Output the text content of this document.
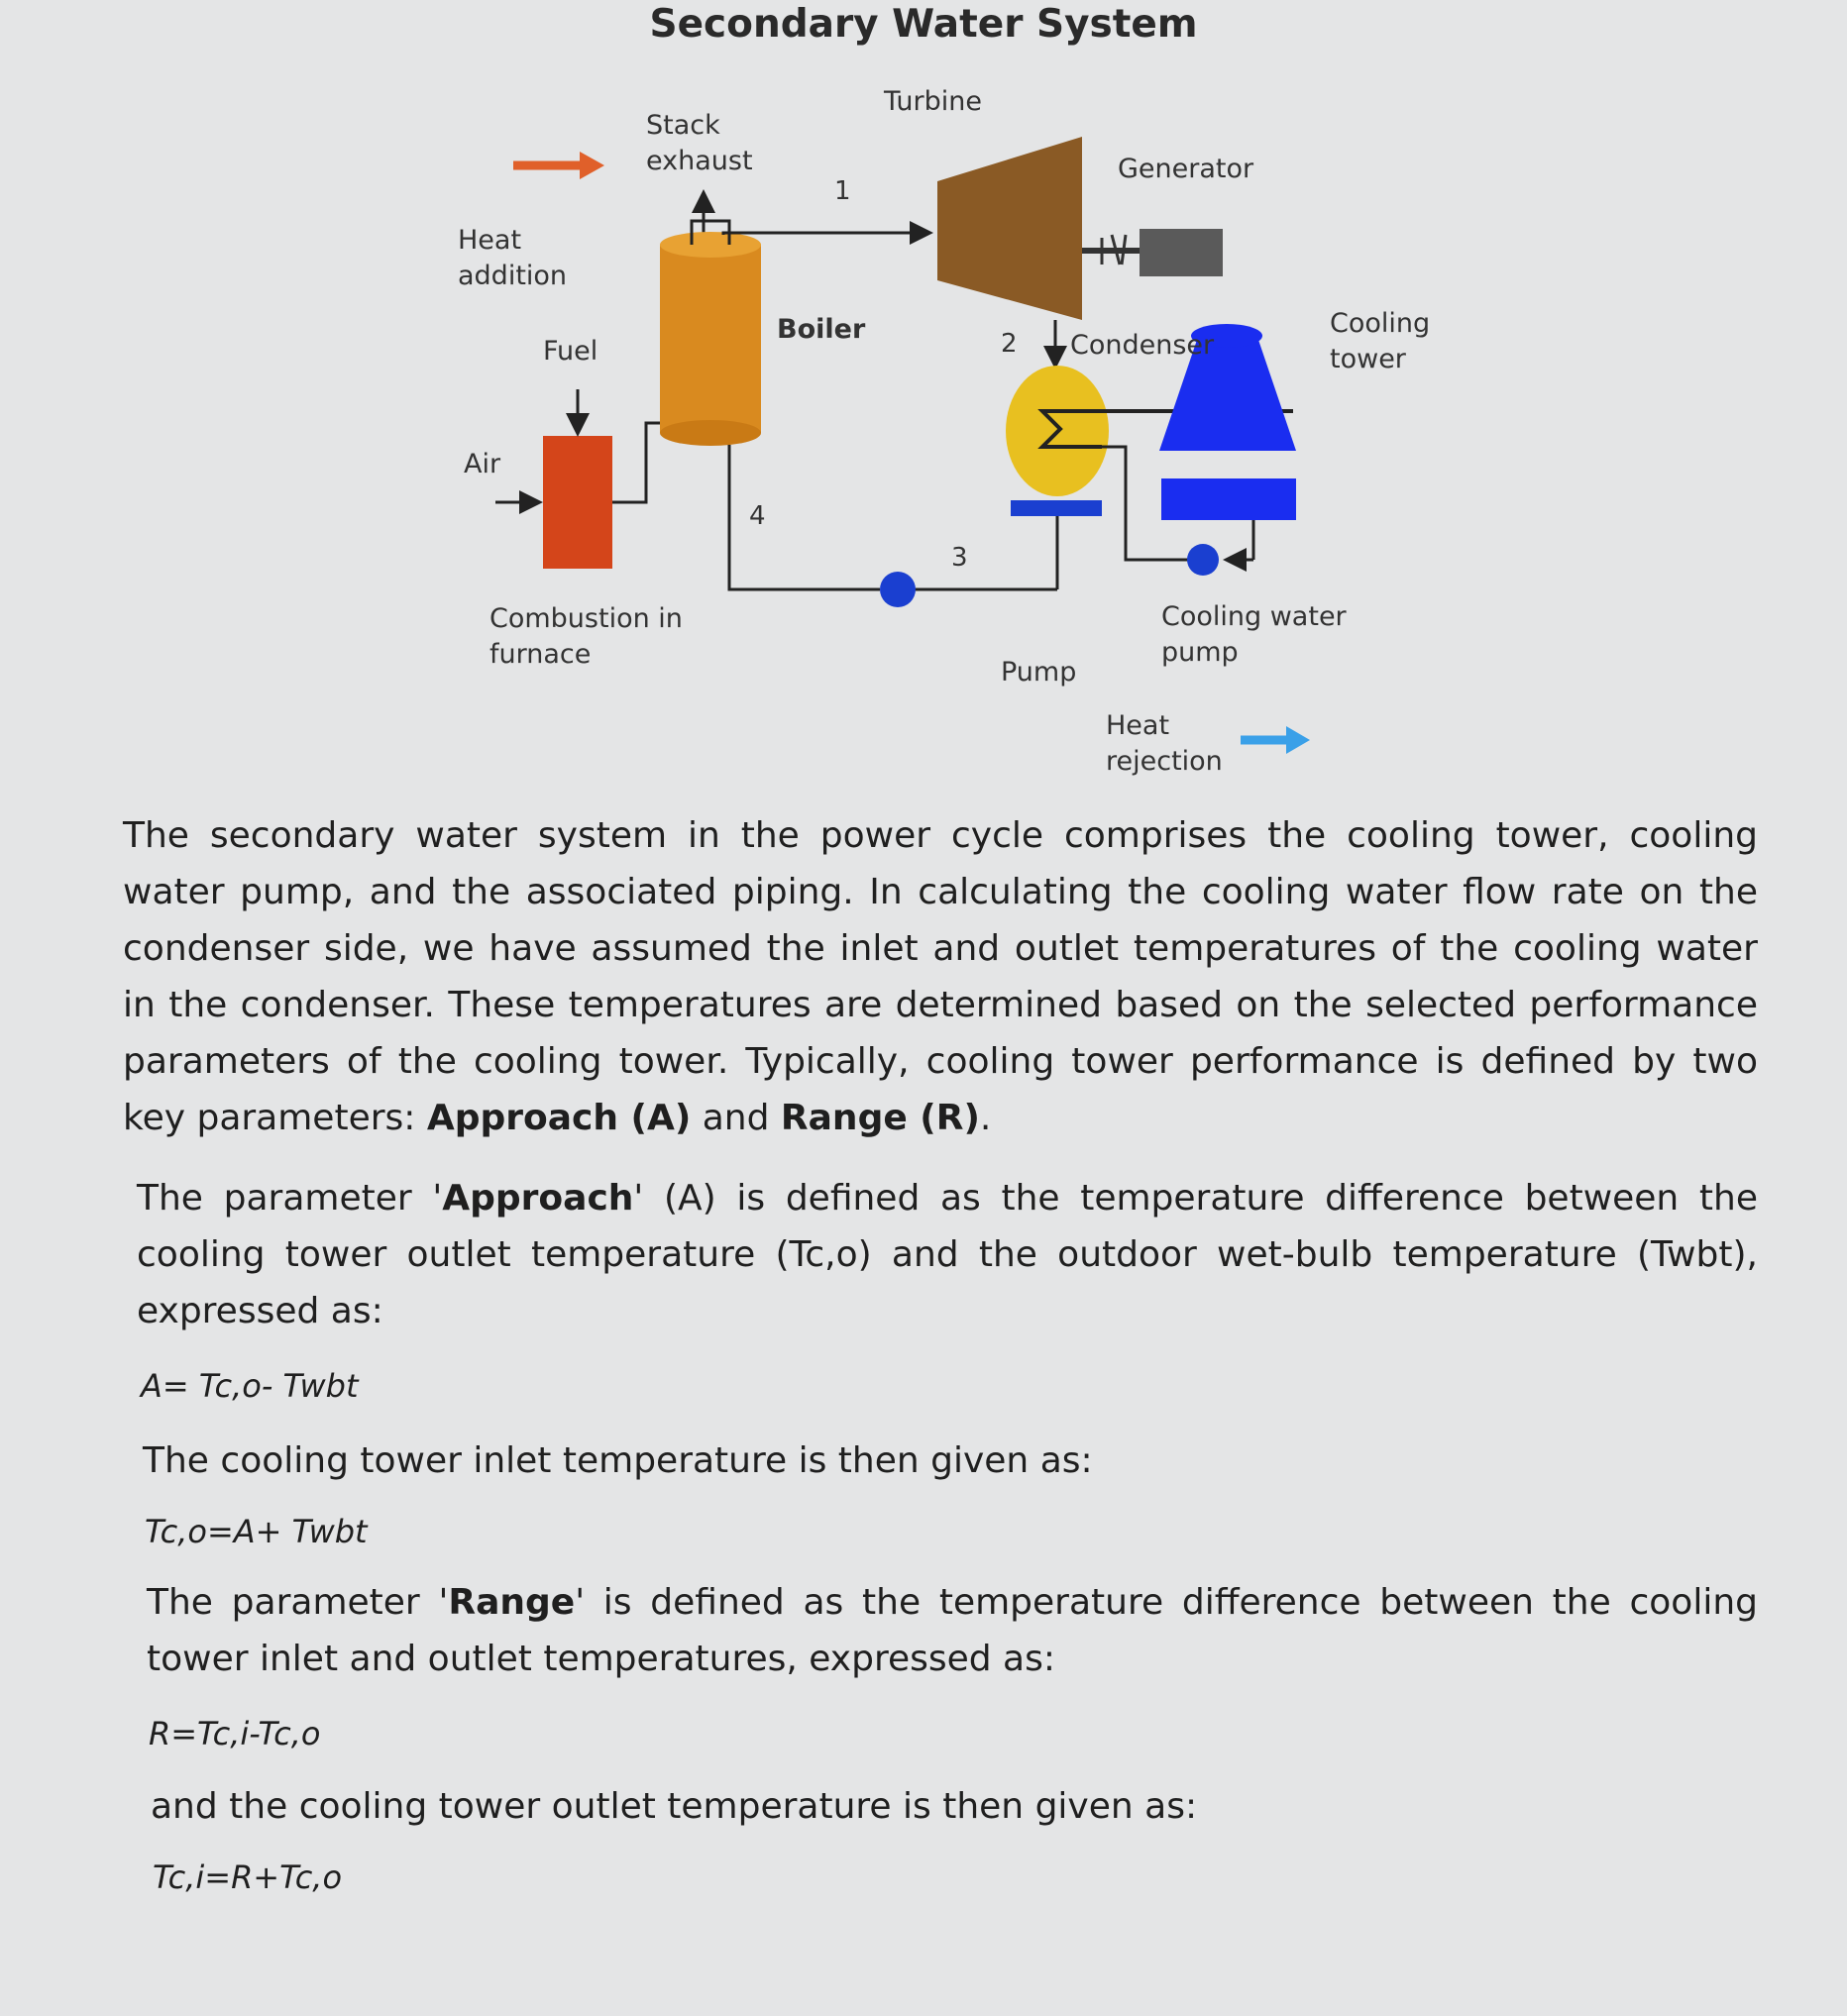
Secondary Water System
Turbine
Stack
exhaust	Generator
Heat
addition
Fuel
Boiler
Air
Condenser
Cooling
tower
Combustion in
furnace
Pump
Cooling water
pump
Heat
rejection
1
2
3
4

The secondary water system in the power cycle comprises the cooling tower, cooling water pump, and the associated piping. In calculating the cooling water flow rate on the condenser side, we have assumed the inlet and outlet temperatures of the cooling water in the condenser. These temperatures are determined based on the selected performance parameters of the cooling tower. Typically, cooling tower performance is defined by two key parameters: Approach (A) and Range (R).

The parameter 'Approach' (A) is defined as the temperature difference between the cooling tower outlet temperature (Tc,o) and the outdoor wet-bulb temperature (Twbt), expressed as:

A= Tc,o- Twbt

The cooling tower inlet temperature is then given as:

Tc,o=A+ Twbt

The parameter 'Range' is defined as the temperature difference between the cooling tower inlet and outlet temperatures, expressed as:

R=Tc,i-Tc,o

and the cooling tower outlet temperature is then given as:

Tc,i=R+Tc,o
